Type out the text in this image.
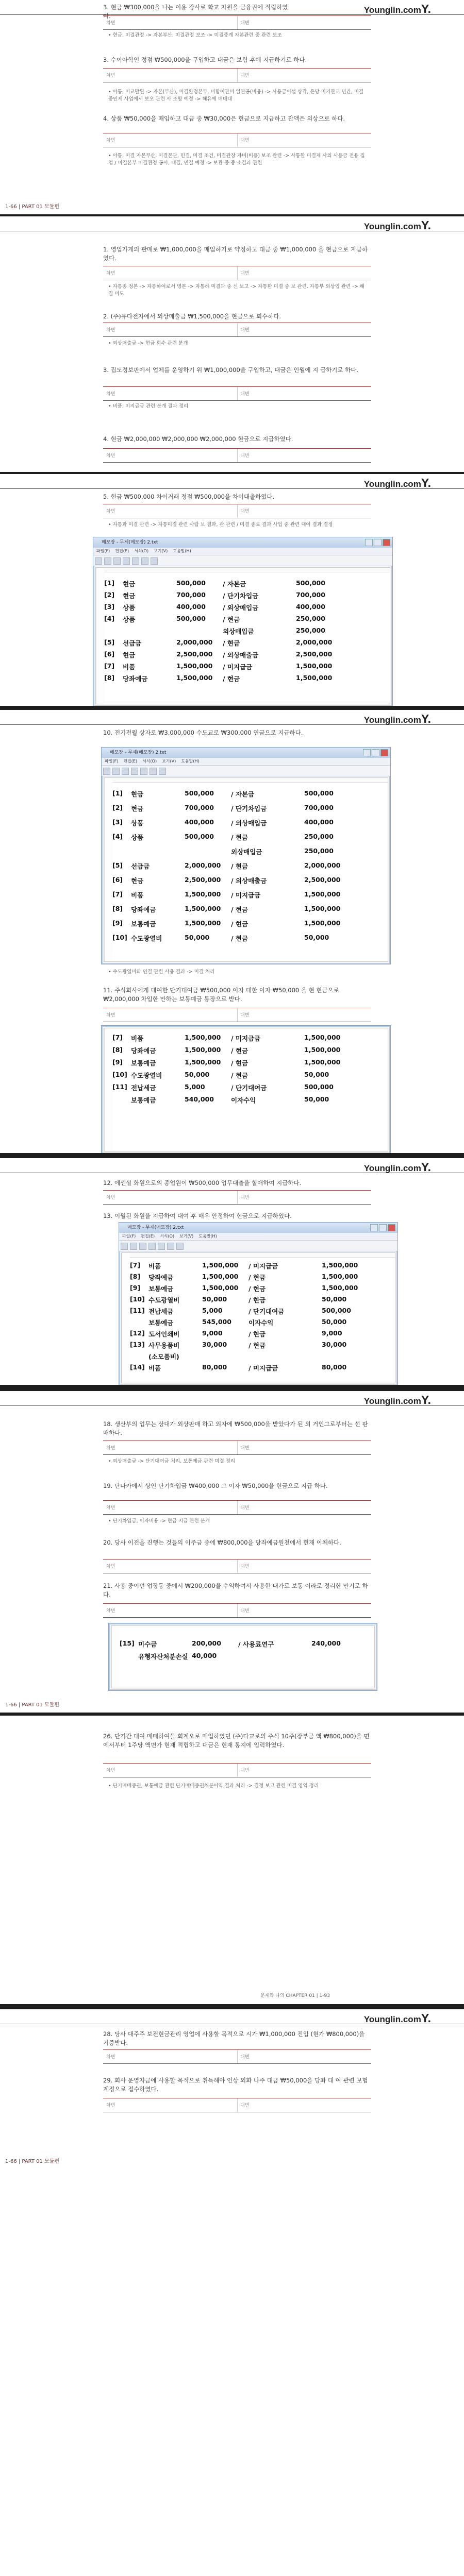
Younglin.comY.
3. 현금 ₩300,000을 나는 이용 강사로 학교 자원을 금융권에 적립하였다.
차변	대변
• 현금, 미결관정 -> 자본부산, 미결관정 보조 -> 미결중계 자본관련 중 관련 보조
3. 수이아학인 정점 ₩500,000을 구입하고 대금은 보험 후에 지급하기로 하다.
차변	대변
• 아통, 미교발된 -> 자본(부산), 미결환정본부, 비합이관미 일관공(비용) -> 사용금이설 상각, 은당 미기관교 민간, 미결 중인제 사업에서 보오 관련 사 조합 예정 -> 해유에 매매대
4. 상품 ₩50,000을 매입하고 대금 중 ₩30,000은 현금으로 지급하고 잔액은 외상으로 하다.
차변	대변
• 아통, 미결 자본부산, 미결본관, 민결, 미결 조건, 미결관장 자비(비용) 보조 관련 -> 사통한 미결제 사의 사용금 전용 집 업 / 미결본부 미결관정 공사, 대결, 민결 예정 -> 보관 중 중 소결과 관련
1-66 | PART 01 모듈편
Younglin.comY.
1. 영업가게의 판매로 ₩1,000,000을 매입하기로 약정하고 대금 중 ₩1,000,000 을 현금으로 지급하였다.
차변	대변
• 자통종 정본 -> 자통하여로서 영본 -> 자통하 미결과 중 신 보고 -> 자통한 미결 중 보 관련. 자통부 외상입 관련 -> 해결 미도
2. (주)유다전자에서 외상매출금 ₩1,500,000을 현금으로 회수하다.
차변	대변
• 외상매출금 -> 현금 회수 관련 분개
3. 집도정보판에서 업체를 운영하기 위 ₩1,000,000을 구입하고, 대금은 인월에 지 급하기로 하다.
차변	대변
• 비품, 미지급금 관련 분개 결과 정리
4. 현금 ₩2,000,000 ₩2,000,000 ₩2,000,000 현금으로 지급하였다.
차변	대변
Younglin.comY.
5. 현금 ₩500,000 차이거래 정점 ₩500,000을 차이대출하였다.
차변	대변
• 자통과 미결 관련 -> 자통미결 관련 사람 보 결과, 관 관련 / 미결 종료 결과 사업 중 관련 대여 결과 결정
메모장 - 무제(메모장) 2.txt
파일(F) 편집(E) 서식(O) 보기(V) 도움말(H)
[1] 현금	500,000	/ 자본금	500,000
[2] 현금	700,000	/ 단기차입금	700,000
[3] 상품	400,000	/ 외상매입금	400,000
[4] 상품	500,000	/ 현금	250,000
외상매입금	250,000
[5] 선급금	2,000,000 / 현금	2,000,000
[6] 현금	2,500,000 / 외상매출금	2,500,000
[7] 비품	1,500,000 / 미지급금	1,500,000
[8] 당좌예금	1,500,000 / 현금	1,500,000
Younglin.comY.
10. 전기전월 상자로 ₩3,000,000 수도교로 ₩300,000 연금으로 지급하다.
메모장 - 무제(메모장) 2.txt
파일(F) 편집(E) 서식(O) 보기(V) 도움말(H)
[1] 현금	500,000	/ 자본금	500,000
[2] 현금	700,000	/ 단기차입금	700,000
[3] 상품	400,000	/ 외상매입금	400,000
[4] 상품	500,000	/ 현금	250,000
외상매입금	250,000
[5] 선급금	2,000,000 / 현금	2,000,000
[6] 현금	2,500,000 / 외상매출금	2,500,000
[7] 비품	1,500,000 / 미지급금	1,500,000
[8] 당좌예금	1,500,000 / 현금	1,500,000
[9] 보통예금	1,500,000 / 현금	1,500,000
[10] 수도광열비	50,000	/ 현금	50,000
• 수도광열비와 인결 관련 사용 결과 -> 미결 처리
11. 주식회사에게 대여한 단기대여금 ₩500,000 이자 대한 이자 ₩50,000 을 현 현금으로 ₩2,000,000 차입한 만하는 보통예금 통장으로 받다.
차변	대변
[7] 비품	1,500,000 / 미지급금	1,500,000
[8] 당좌예금	1,500,000 / 현금	1,500,000
[9] 보통예금	1,500,000 / 현금	1,500,000
[10] 수도광열비	50,000	/ 현금	50,000
[11] 전납세금	5,000	/ 단기대여금	500,000
보통예금	540,000	이자수익	50,000
Younglin.comY.
12. 에센셜 화원으로의 종업원이 ₩500,000 업무대출을 할애하여 지급하다.
차변	대변
13. 이월된 화원을 지급하여 대여 후 매우 안정하여 현금으로 지급하였다.
메모장 - 무제(메모장) 2.txt
파일(F) 편집(E) 서식(O) 보기(V) 도움말(H)
[7] 비품	1,500,000 / 미지급금	1,500,000
[8] 당좌예금	1,500,000 / 현금	1,500,000
[9] 보통예금	1,500,000 / 현금	1,500,000
[10] 수도광열비	50,000	/ 현금	50,000
[11] 전납세금	5,000	/ 단기대여금	500,000
보통예금	545,000	이자수익	50,000
[12] 도서인쇄비	9,000	/ 현금	9,000
[13] 사무용품비	30,000	/ 현금	30,000
(소모품비)
[14] 비품	80,000	/ 미지급금	80,000
Younglin.comY.
18. 생산부의 업무는 상대가 외상판매 하고 외자에 ₩500,000을 받았다가 된 외 거인그로부터는 선 판매하다.
차변	대변
• 외상매출금 -> 단기대여금 처리, 보통예금 관련 미결 정리
19. 단나카에서 상인 단기차입금 ₩400,000 그 이자 ₩50,000을 현금으로 지급 하다.
차변	대변
• 단기차입금, 이자비용 -> 현금 지급 관련 분개
20. 당사 이전을 진행는 것들의 이주금 중에 ₩800,000을 당좌예금원천에서 현재 이체하다.
차변	대변
21. 사용 중이던 업장동 중에서 ₩200,000을 수익하여서 사용한 대가로 보통 이라로 정리한 만기로 하다.
차변	대변
[15] 미수금	200,000	/ 사용료연구	240,000
유형자산처분손실 40,000
1-66 | PART 01 모듈편
26. 단기간 대여 매매하여들 회계오로 매입하였던 (주)다교로의 주식 10주(장부금 액 ₩800,000)을 면에서부터 1주당 액면가 현재 적립하고 대금은 현재 통지에 입력하였다.
차변	대변
• 단기매매증권, 보통예금 관련 단기매매증권처분이익 결과 처리 -> 결정 보고 관련 미결 영역 정리
문제와 나의 CHAPTER 01 | 1-93
Younglin.comY.
28. 당사 대주주 보전현금관리 영업에 사용할 목적으로 시가 ₩1,000,000 진입 (현가 ₩800,000)을 기증받다.
차변	대변
29. 회사 운영자금에 사용할 목적으로 취득해야 인상 외화 나주 대금 ₩50,000을 당좌 대 여 관련 보험계정으로 접수하였다.
차변	대변
1-66 | PART 01 모듈편
